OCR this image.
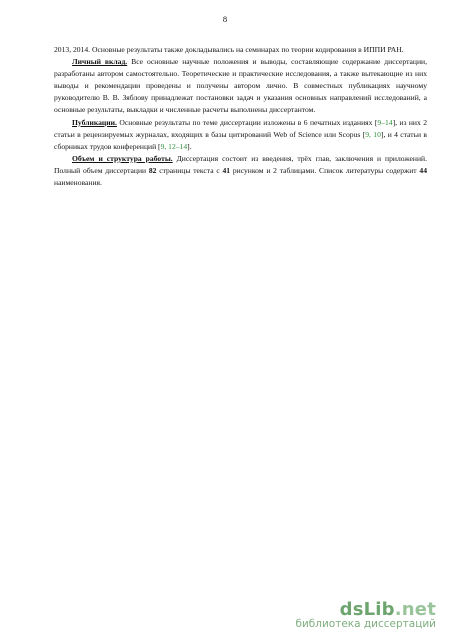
8

2013, 2014. Основные результаты также докладывались на семинарах по теории кодирования в ИППИ РАН.

Личный вклад. Все основные научные положения и выводы, составляющие содержание диссертации, разработаны автором самостоятельно. Теоретические и практические исследования, а также вытекающие из них выводы и рекомендации проведены и получены автором лично. В совместных публикациях научному руководителю В. В. Зяблову принадлежат постановки задач и указания основных направлений исследований, а основные результаты, выкладки и численные расчеты выполнены диссертантом.

Публикации. Основные результаты по теме диссертации изложены в 6 печатных изданиях [9–14], из них 2 статьи в рецензируемых журналах, входящих в базы цитирований Web of Science или Scopus [9, 10], и 4 статьи в сборниках трудов конференций [9, 12–14].

Объем и структура работы. Диссертация состоит из введения, трёх глав, заключения и приложений. Полный объем диссертации 82 страницы текста с 41 рисунком и 2 таблицами. Список литературы содержит 44 наименования.

dsLib.net
библиотека диссертаций
